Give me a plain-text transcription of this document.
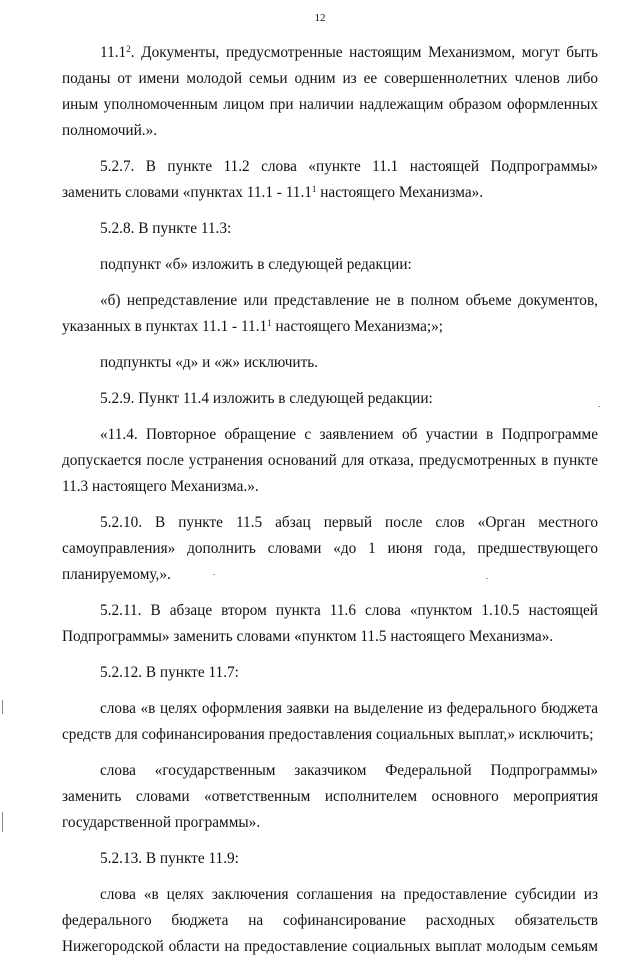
12

11.1$^2$. Документы, предусмотренные настоящим Механизмом, могут быть поданы от имени молодой семьи одним из ее совершеннолетних членов либо иным уполномоченным лицом при наличии надлежащим образом оформленных полномочий.».

5.2.7. В пункте 11.2 слова «пункте 11.1 настоящей Подпрограммы» заменить словами «пунктах 11.1 - 11.1$^1$ настоящего Механизма».

5.2.8. В пункте 11.3:

подпункт «б» изложить в следующей редакции:

«б) непредставление или представление не в полном объеме документов, указанных в пунктах 11.1 - 11.1$^1$ настоящего Механизма;»;

подпункты «д» и «ж» исключить.

5.2.9. Пункт 11.4 изложить в следующей редакции:

«11.4. Повторное обращение с заявлением об участии в Подпрограмме допускается после устранения оснований для отказа, предусмотренных в пункте 11.3 настоящего Механизма.».

5.2.10. В пункте 11.5 абзац первый после слов «Орган местного самоуправления» дополнить словами «до 1 июня года, предшествующего планируемому,».

5.2.11. В абзаце втором пункта 11.6 слова «пунктом 1.10.5 настоящей Подпрограммы» заменить словами «пунктом 11.5 настоящего Механизма».

5.2.12. В пункте 11.7:

слова «в целях оформления заявки на выделение из федерального бюджета средств для софинансирования предоставления социальных выплат,» исключить;

слова «государственным заказчиком Федеральной Подпрограммы» заменить словами «ответственным исполнителем основного мероприятия государственной программы».

5.2.13. В пункте 11.9:

слова «в целях заключения соглашения на предоставление субсидии из федерального бюджета на софинансирование расходных обязательств Нижегородской области на предоставление социальных выплат молодым семьям
